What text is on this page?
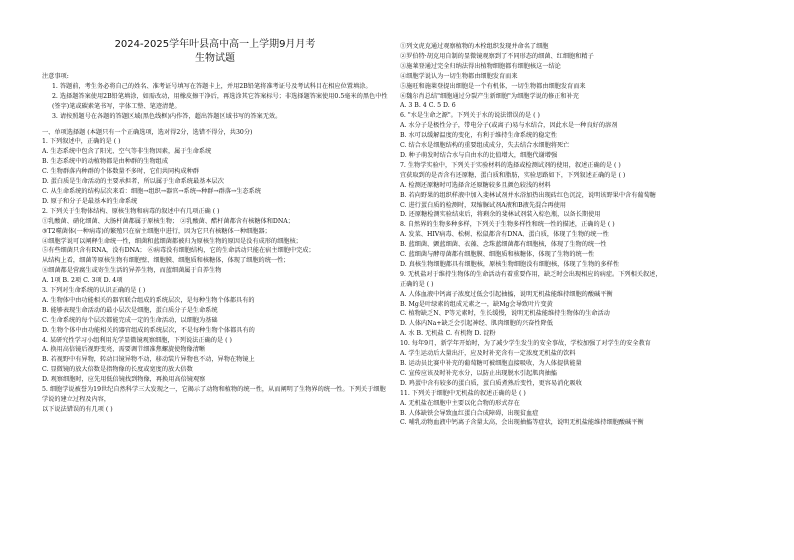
2024-2025学年叶县高中高一上学期9月月考
生物试题
注意事项:
1. 答题前，考生务必将自己的姓名、准考证号填写在答题卡上，并用2B铅笔将准考证号及考试科目在相应位置填涂。
2. 选择题答案使用2B铅笔填涂，如需改动，用橡皮擦干净后，再选涂其它答案标号；非选择题答案使用0.5毫米的黑色中性(签字)笔或碳素笔书写，字体工整、笔迹清楚。
3. 请按照题号在各题的答题区域(黑色线框)内作答，超出答题区域书写的答案无效。
一、单项选择题 (本题只有一个正确选项，选对得2分，选错不得分，共30分)
1. 下列叙述中，正确的是 ( )
A. 生态系统中包含了阳光、空气等非生物因素，属于生命系统
B. 生态系统中的动植物都是由种群的生物组成
C. 生物群落内种群的个体数量不多时，它们共同构成种群
D. 蛋白质是生命活动的主要承担者，所以属于生命系统最基本层次
C. 从生命系统的结构层次来看：细胞→组织→器官→系统→种群→群落→生态系统
D. 原子和分子是最基本的生命系统
2. 下列关于生物体结构、原核生物和病毒的叙述中有几项正确 ( )
①乳酸菌、硝化细菌、大肠杆菌都属于原核生物； ②乳酸菌、醋杆菌都含有核糖体和DNA；
③T2噬菌体(一种病毒)的繁殖只在宿主细胞中进行，因为它只有核糖体一种细胞器；
④细胞学说可以阐释生命统一性，细菌和蓝细菌都被归为原核生物的原因是没有成形的细胞核；
⑤有些细菌只含有RNA，没有DNA； ⑥病毒没有细胞结构，它的生命活动只能在宿主细胞中完成；
从结构上看，细菌等原核生物有细胞壁、细胞膜、细胞质和核糖体，体现了细胞的统一性；
⑧细菌都是营腐生或寄生生活的异养生物，而蓝细菌属于自养生物
A. 1项 B. 2项 C. 3项 D. 4项
3. 下列对生命系统的认识正确的是 ( )
A. 生物体中由功能相关的器官联合组成的系统层次，是每种生物个体都具有的
B. 能够表现生命活动的最小层次是细胞，蛋白质分子是生命系统
C. 生命系统的每个层次都能完成一定的生命活动，以细胞为基础
D. 生物个体中由功能相关的器官组成的系统层次，不是每种生物个体都具有的
4. 某研究性学习小组利用光学显微镜观察细胞，下列说法正确的是 ( )
A. 换用高倍镜后视野变亮，需要调节细准焦螺旋使物像清晰
B. 若视野中有异物，转动目镜异物不动，移动装片异物也不动，异物在物镜上
C. 显微镜的放大倍数是指物像的长度或宽度的放大倍数
D. 观察细胞时，应先用低倍镜找到物像，再换用高倍镜观察
5. 细胞学说被誉为19世纪自然科学三大发现之一，它揭示了动物和植物的统一性，从而阐明了生物界的统一性。下列关于细胞学说的建立过程及内容，
以下说法错误的有几项 ( )
①列文虎克通过观察植物的木栓组织发现并命名了细胞
②罗伯特·胡克用自制的显微镜观察到了不同形态的细菌、红细胞和精子
③施莱登通过完全归纳法得出植物细胞都有细胞核这一结论
④细胞学说认为一切生物都由细胞发育而来
⑤施旺和施莱登提出细胞是一个有机体，一切生物都由细胞发育而来
⑥魏尔肖总结"细胞通过分裂产生新细胞"为细胞学说的修正和补充
A. 3 B. 4 C. 5 D. 6
6. "水是生命之源"。下列关于水的说法错误的是 ( )
A. 水分子是极性分子，带电分子(或离子)易与水结合，因此水是一种良好的溶剂
B. 水可以缓解温度的变化，有利于维持生命系统的稳定性
C. 结合水是细胞结构的重要组成成分，失去结合水细胞将死亡
D. 种子萌发时结合水与自由水的比值增大，细胞代谢增强
7. 生物学实验中，下列关于实验材料的选择或检测试剂的使用，叙述正确的是 ( )
宜获取到的是否含有还原糖，蛋白质和脂肪，实验思路如下，下列叙述正确的是 ( )
A. 检测还原糖时可选择含还原糖较多且颜色较浅的材料
B. 若向野果的组织样液中加入斐林试剂并水浴加热出现砖红色沉淀，说明该野果中含有葡萄糖
C. 进行蛋白质的检测时，双缩脲试剂A液和B液先混合再使用
D. 还原糖检测实验结束后，将剩余的斐林试剂装入棕色瓶，以备长期使用
8. 自然界的生物多种多样，下列关于生物多样性和统一性的描述，正确的是 ( )
A. 发菜、HIV病毒、松树、松鼠都含有DNA、蛋白质，体现了生物的统一性
B. 蓝细菌、颤蓝细菌、衣藻、念珠蓝细菌都有细胞核，体现了生物的统一性
C. 蓝细菌与酵母菌都有细胞膜、细胞质和核糖体，体现了生物的统一性
D. 真核生物细胞都具有细胞核，原核生物细胞没有细胞核，体现了生物的多样性
9. 无机盐对于维持生物体的生命活动有着重要作用，缺乏时会出现相应的病症。下列相关叙述，
正确的是 ( )
A. 人体血液中钙离子浓度过低会引起抽搐，说明无机盐能维持细胞的酸碱平衡
B. Mg是叶绿素的组成元素之一，缺Mg会导致叶片变黄
C. 植物缺乏N、P等元素时，生长缓慢，说明无机盐能维持生物体的生命活动
D. 人体内Na+缺乏会引起神经、肌肉细胞的兴奋性降低
A. 水 B. 无机盐 C. 有机物 D. 淀粉
10. 每年9月，新学年开始时，为了减少学生发生的安全事故，学校加强了对学生的安全教育
A. 学生运动后大量出汗，应及时补充含有一定浓度无机盐的饮料
B. 运动员比赛中补充的葡萄糖可被细胞直接吸收，为人体提供能量
C. 宣传应该及时补充水分，以防止出现脱水引起肌肉抽搐
D. 鸡蛋中含有较多的蛋白质，蛋白质煮熟后变性，更容易消化吸收
11. 下列关于细胞中无机盐的叙述正确的是 ( )
A. 无机盐在细胞中主要以化合物的形式存在
B. 人体缺铁会导致血红蛋白合成障碍，出现贫血症
C. 哺乳动物血液中钙离子含量太高，会出现抽搐等症状，说明无机盐能维持细胞酸碱平衡
